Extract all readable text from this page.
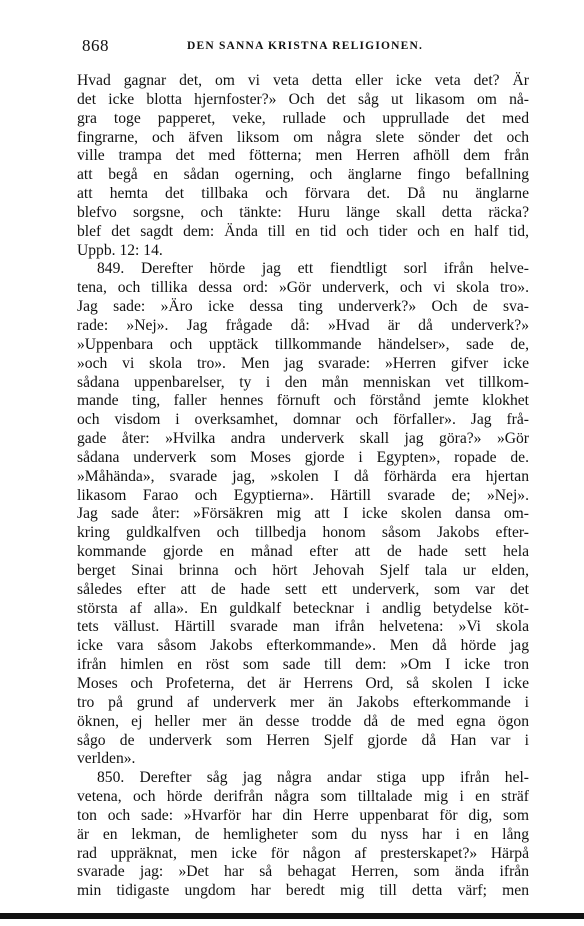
868	DEN SANNA KRISTNA RELIGIONEN.
Hvad gagnar det, om vi veta detta eller icke veta det? Är
det icke blotta hjernfoster?» Och det såg ut likasom om nå-
gra toge papperet, veke, rullade och upprullade det med
fingrarne, och äfven liksom om några slete sönder det och
ville trampa det med fötterna; men Herren afhöll dem från
att begå en sådan ogerning, och änglarne fingo befallning
att hemta det tillbaka och förvara det. Då nu änglarne
blefvo sorgsne, och tänkte: Huru länge skall detta räcka?
blef det sagdt dem: Ända till en tid och tider och en half tid,
Uppb. 12: 14.
849. Derefter hörde jag ett fiendtligt sorl ifrån helve-
tena, och tillika dessa ord: »Gör underverk, och vi skola tro».
Jag sade: »Äro icke dessa ting underverk?» Och de sva-
rade: »Nej». Jag frågade då: »Hvad är då underverk?»
»Uppenbara och upptäck tillkommande händelser», sade de,
»och vi skola tro». Men jag svarade: »Herren gifver icke
sådana uppenbarelser, ty i den mån menniskan vet tillkom-
mande ting, faller hennes förnuft och förstånd jemte klokhet
och visdom i overksamhet, domnar och förfaller». Jag frå-
gade åter: »Hvilka andra underverk skall jag göra?» »Gör
sådana underverk som Moses gjorde i Egypten», ropade de.
»Måhända», svarade jag, »skolen I då förhärda era hjertan
likasom Farao och Egyptierna». Härtill svarade de; »Nej».
Jag sade åter: »Försäkren mig att I icke skolen dansa om-
kring guldkalfven och tillbedja honom såsom Jakobs efter-
kommande gjorde en månad efter att de hade sett hela
berget Sinai brinna och hört Jehovah Sjelf tala ur elden,
således efter att de hade sett ett underverk, som var det
största af alla». En guldkalf betecknar i andlig betydelse köt-
tets vällust. Härtill svarade man ifrån helvetena: »Vi skola
icke vara såsom Jakobs efterkommande». Men då hörde jag
ifrån himlen en röst som sade till dem: »Om I icke tron
Moses och Profeterna, det är Herrens Ord, så skolen I icke
tro på grund af underverk mer än Jakobs efterkommande i
öknen, ej heller mer än desse trodde då de med egna ögon
sågo de underverk som Herren Sjelf gjorde då Han var i
verlden».
850. Derefter såg jag några andar stiga upp ifrån hel-
vetena, och hörde derifrån några som tilltalade mig i en sträf
ton och sade: »Hvarför har din Herre uppenbarat för dig, som
är en lekman, de hemligheter som du nyss har i en lång
rad uppräknat, men icke för någon af presterskapet?» Härpå
svarade jag: »Det har så behagat Herren, som ända ifrån
min tidigaste ungdom har beredt mig till detta värf; men
